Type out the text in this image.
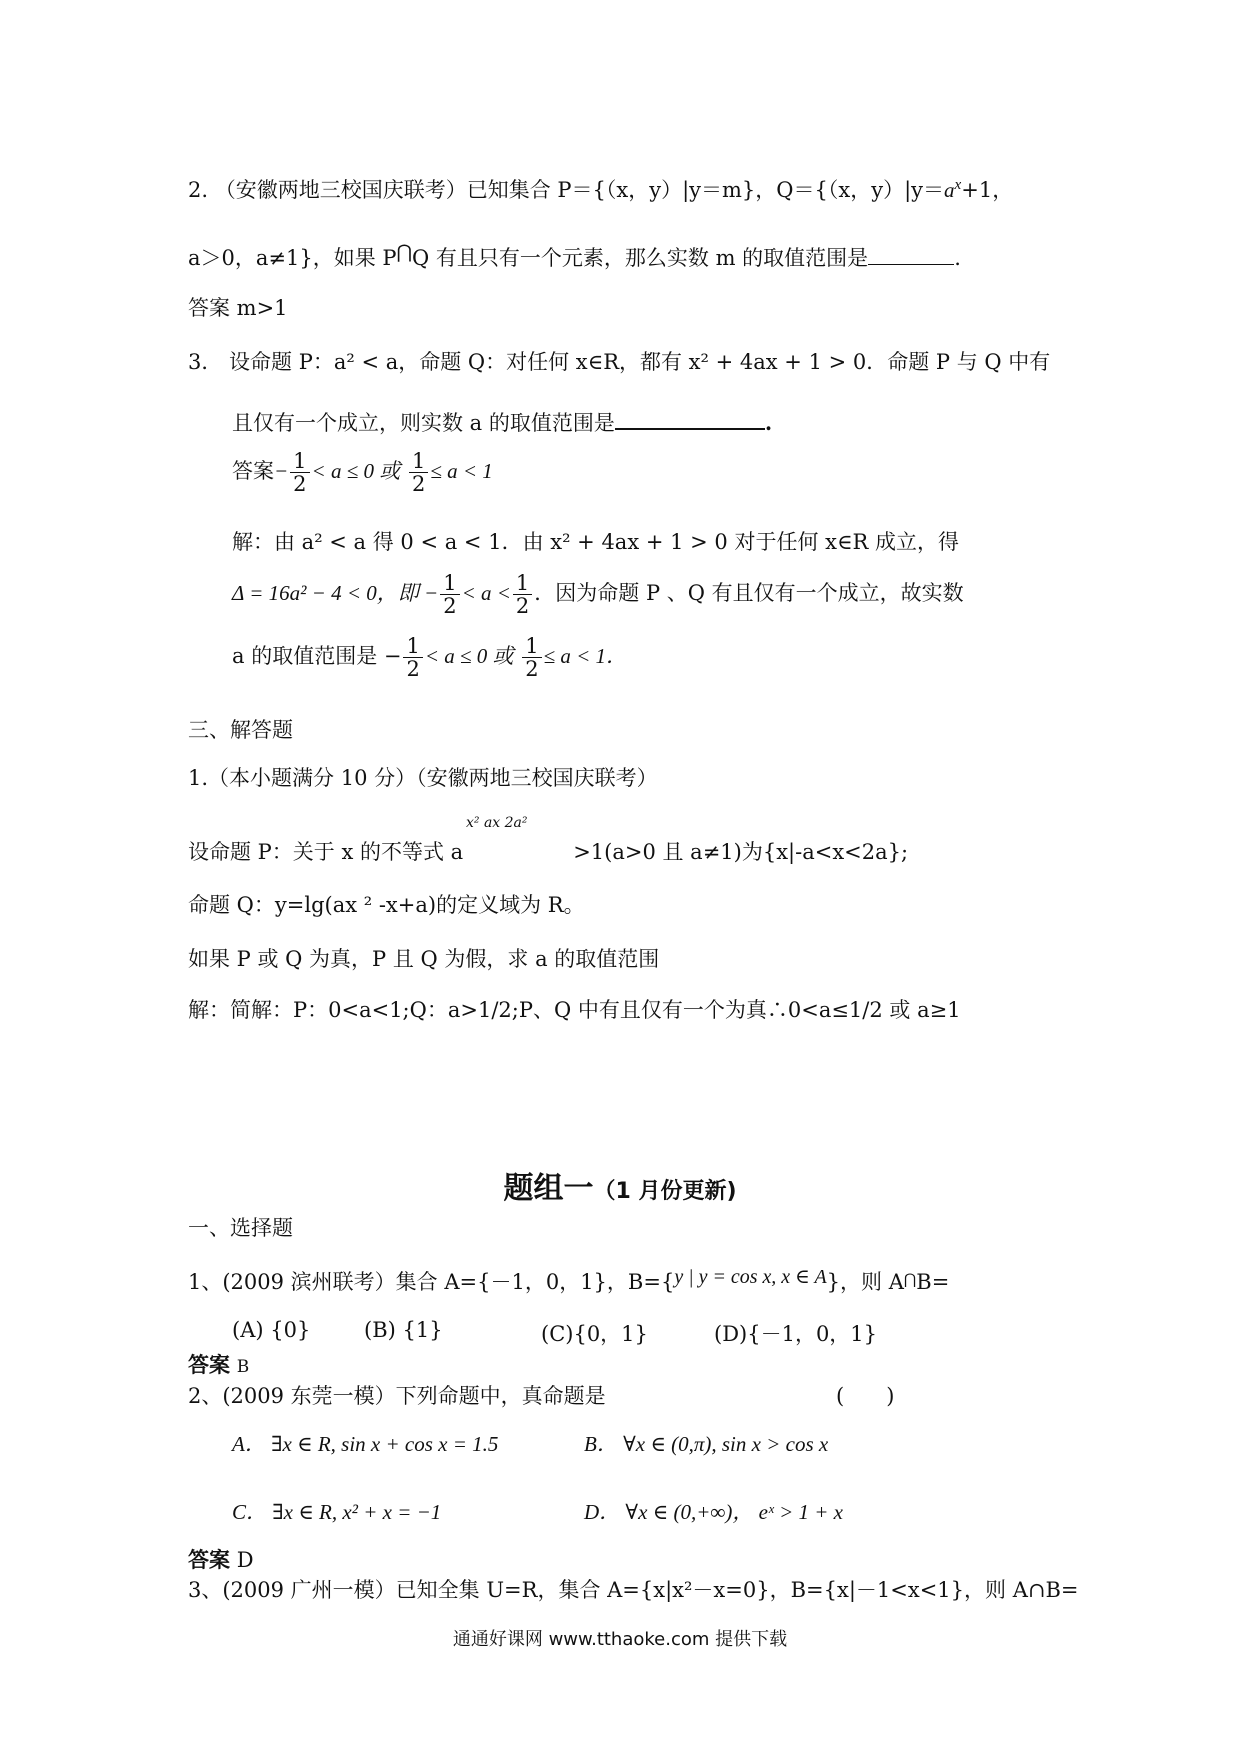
2. （安徽两地三校国庆联考）已知集合 P＝{（x，y）|y＝m}，Q＝{（x，$y)|y=a^x+1$，
a＞0，a≠1}，如果 P⋂Q 有且只有一个元素，那么实数 m 的取值范围是	.
答案 m>1
3． 设命题 P：a² < a，命题 Q：对任何 x∈R，都有 x² + 4ax + 1 > 0．命题 P 与 Q 中有
且仅有一个成立，则实数 a 的取值范围是	.
答案− $\frac{1}{2} < a \le 0$ 或 $\frac{1}{2} \le a < 1$
解：由 a² < a 得 0 < a < 1．由 x² + 4ax + 1 > 0 对于任何 x∈R 成立，得
Δ = 16a² − 4 < 0，即 − $\frac{1}{2} < a < \frac{1}{2}$ ．因为命题 P 、Q 有且仅有一个成立，故实数
a 的取值范围是 − $\frac{1}{2} < a \le 0$ 或 $\frac{1}{2} \le a < 1$．
三、解答题
1.（本小题满分 10 分）（安徽两地三校国庆联考）
x² ax 2a²
设命题 P：关于 x 的不等式 a	>1(a>0 且 a≠1)为{x|-a<x<2a};
命题 Q：y=lg(ax ² -x+a)的定义域为 R。
如果 P 或 Q 为真，P 且 Q 为假，求 a 的取值范围
解：简解：P：0<a<1;Q：a>1/2;P、Q 中有且仅有一个为真∴0<a≤1/2 或 a≥1
题组一（1 月份更新)
一、选择题
1、(2009 滨州联考）集合 A={－1，0，1}，B={y | y = cos x, x ∈ A}，则 A⋂B=
(A) {0}	(B) {1}	(C){0，1}	(D){－1，0，1}
答案 B
2、(2009 东莞一模）下列命题中，真命题是	(　　)
A． ∃x ∈ R, sin x + cos x = 1.5	B． ∀x ∈ (0,π), sin x > cos x
C． ∃x ∈ R, x² + x = −1	D． ∀x ∈ (0,+∞)， eˣ > 1 + x
答案 D
3、(2009 广州一模）已知全集 U=R，集合 A={x|x²－x=0}，B={x|－1<x<1}，则 A∩B=
通通好课网 www.tthaoke.com 提供下载
